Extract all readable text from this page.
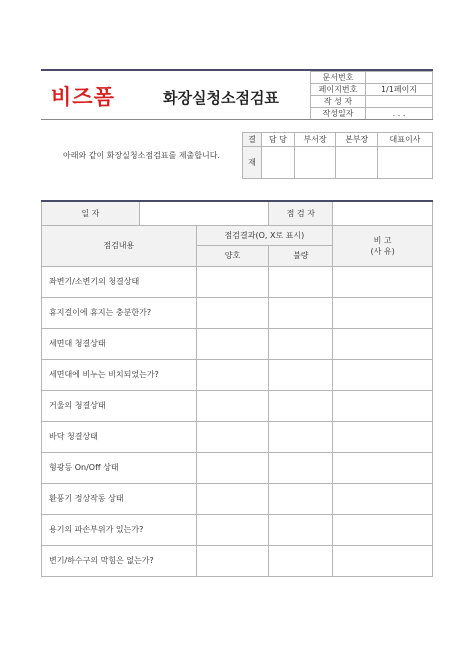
비즈폼	화장실청소점검표
문서번호	
페이지번호	1/1페이지
작 성 자	
작성일자	. . .
아래와 같이 화장실청소점검표를 제출합니다.
결	담 당	부서장	본부장	대표이사
재				
일 자			점 검 자	
점검내용		점검결과(O, X로 표시)		비 고
(사 유)

		양호	불량	
좌변기/소변기의 청결상태				
휴지걸이에 휴지는 충분한가?				
세면대 청결상태				
세면대에 비누는 비치되었는가?				
거울의 청결상태				
바닥 청결상태				
형광등 On/Off 상태				
환풍기 정상작동 상태				
용기의 파손부위가 있는가?				
변기/하수구의 막힘은 없는가?				
